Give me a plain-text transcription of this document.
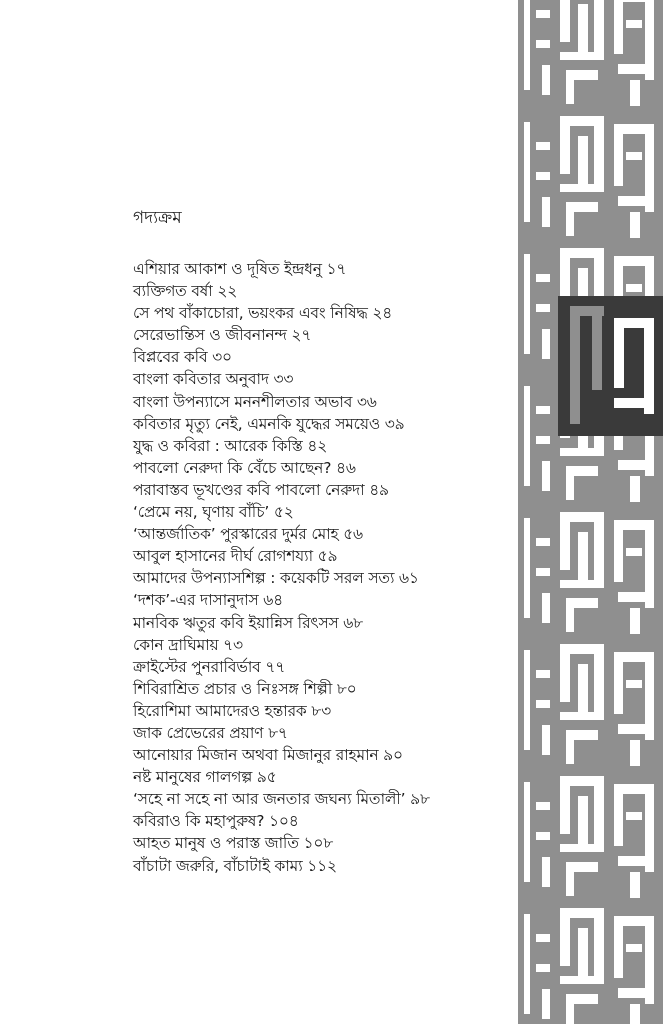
গদ্যক্রম
এশিয়ার আকাশ ও দূষিত ইন্দ্রধনু ১৭
ব্যক্তিগত বর্ষা ২২
সে পথ বাঁকাচোরা, ভয়ংকর এবং নিষিদ্ধ ২৪
সেরেভান্তিস ও জীবনানন্দ ২৭
বিপ্লবের কবি ৩০
বাংলা কবিতার অনুবাদ ৩৩
বাংলা উপন্যাসে মননশীলতার অভাব ৩৬
কবিতার মৃত্যু নেই, এমনকি যুদ্ধের সময়েও ৩৯
যুদ্ধ ও কবিরা : আরেক কিস্তি ৪২
পাবলো নেরুদা কি বেঁচে আছেন? ৪৬
পরাবাস্তব ভূখণ্ডের কবি পাবলো নেরুদা ৪৯
‘প্রেমে নয়, ঘৃণায় বাঁচি’ ৫২
‘আন্তর্জাতিক’ পুরস্কারের দুর্মর মোহ ৫৬
আবুল হাসানের দীর্ঘ রোগশয্যা ৫৯
আমাদের উপন্যাসশিল্প : কয়েকটি সরল সত্য ৬১
‘দশক’-এর দাসানুদাস ৬৪
মানবিক ঋতুর কবি ইয়ান্নিস রিৎসস ৬৮
কোন দ্রাঘিমায় ৭৩
ক্রাইস্টের পুনরাবির্ভাব ৭৭
শিবিরাশ্রিত প্রচার ও নিঃসঙ্গ শিল্পী ৮০
হিরোশিমা আমাদেরও হন্তারক ৮৩
জাক প্রেভেরের প্রয়াণ ৮৭
আনোয়ার মিজান অথবা মিজানুর রাহমান ৯০
নষ্ট মানুষের গালগল্প ৯৫
‘সহে না সহে না আর জনতার জঘন্য মিতালী’ ৯৮
কবিরাও কি মহাপুরুষ? ১০৪
আহত মানুষ ও পরাস্ত জাতি ১০৮
বাঁচাটা জরুরি, বাঁচাটাই কাম্য ১১২
